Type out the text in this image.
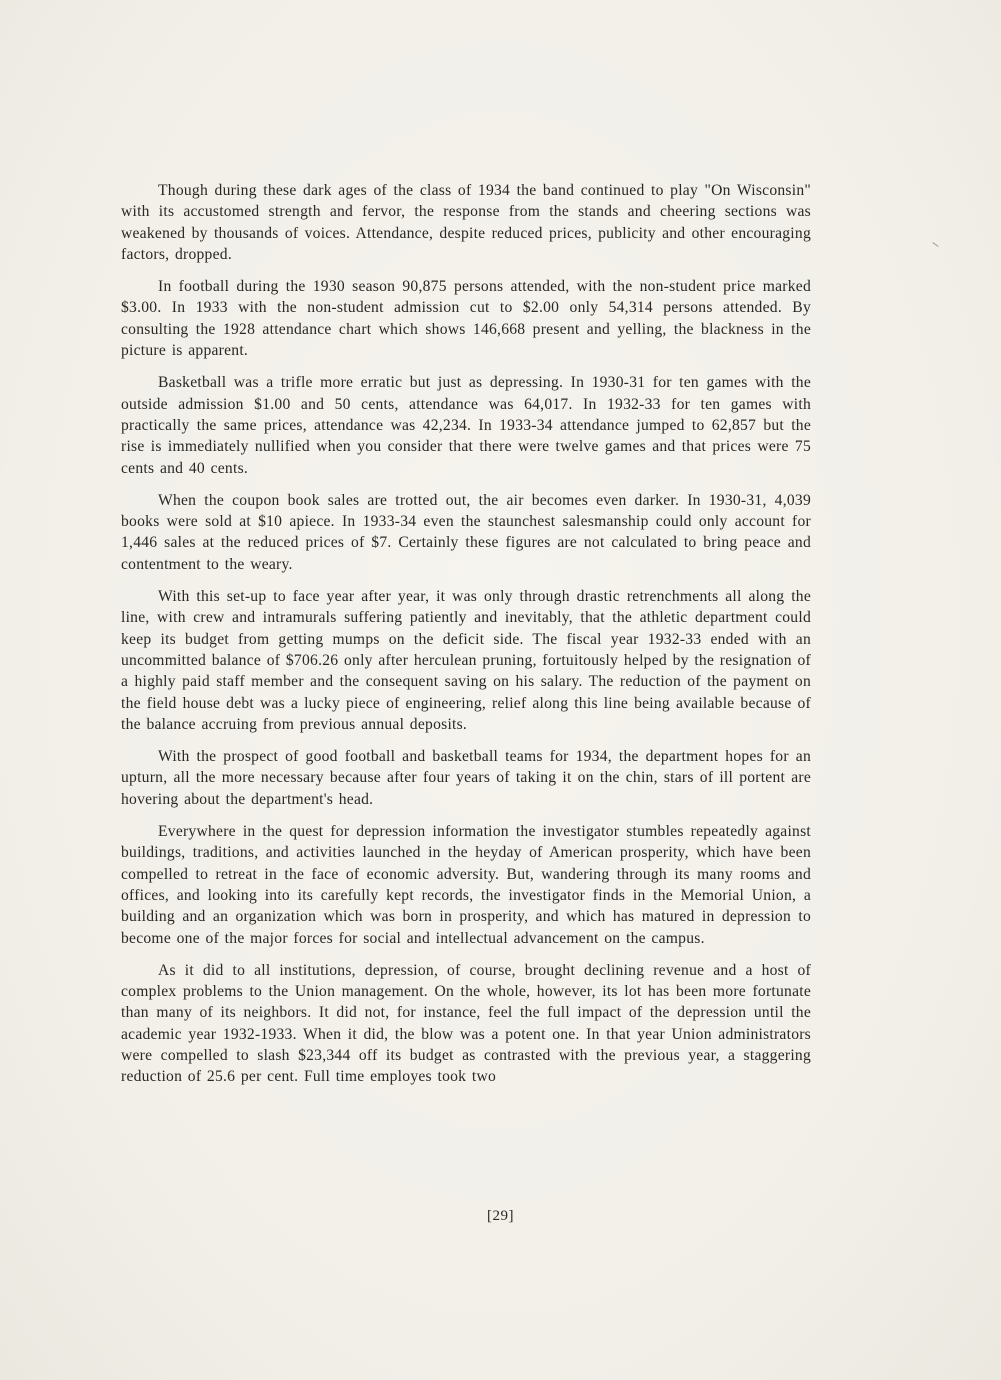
Though during these dark ages of the class of 1934 the band continued to play "On Wisconsin" with its accustomed strength and fervor, the response from the stands and cheering sections was weakened by thousands of voices. Attendance, despite reduced prices, publicity and other encouraging factors, dropped.

In football during the 1930 season 90,875 persons attended, with the non-student price marked $3.00. In 1933 with the non-student admission cut to $2.00 only 54,314 persons attended. By consulting the 1928 attendance chart which shows 146,668 present and yelling, the blackness in the picture is apparent.

Basketball was a trifle more erratic but just as depressing. In 1930-31 for ten games with the outside admission $1.00 and 50 cents, attendance was 64,017. In 1932-33 for ten games with practically the same prices, attendance was 42,234. In 1933-34 attendance jumped to 62,857 but the rise is immediately nullified when you consider that there were twelve games and that prices were 75 cents and 40 cents.

When the coupon book sales are trotted out, the air becomes even darker. In 1930-31, 4,039 books were sold at $10 apiece. In 1933-34 even the staunchest salesmanship could only account for 1,446 sales at the reduced prices of $7. Certainly these figures are not calculated to bring peace and contentment to the weary.

With this set-up to face year after year, it was only through drastic retrenchments all along the line, with crew and intramurals suffering patiently and inevitably, that the athletic department could keep its budget from getting mumps on the deficit side. The fiscal year 1932-33 ended with an uncommitted balance of $706.26 only after herculean pruning, fortuitously helped by the resignation of a highly paid staff member and the consequent saving on his salary. The reduction of the payment on the field house debt was a lucky piece of engineering, relief along this line being available because of the balance accruing from previous annual deposits.

With the prospect of good football and basketball teams for 1934, the department hopes for an upturn, all the more necessary because after four years of taking it on the chin, stars of ill portent are hovering about the department's head.

Everywhere in the quest for depression information the investigator stumbles repeatedly against buildings, traditions, and activities launched in the heyday of American prosperity, which have been compelled to retreat in the face of economic adversity. But, wandering through its many rooms and offices, and looking into its carefully kept records, the investigator finds in the Memorial Union, a building and an organization which was born in prosperity, and which has matured in depression to become one of the major forces for social and intellectual advancement on the campus.

As it did to all institutions, depression, of course, brought declining revenue and a host of complex problems to the Union management. On the whole, however, its lot has been more fortunate than many of its neighbors. It did not, for instance, feel the full impact of the depression until the academic year 1932-1933. When it did, the blow was a potent one. In that year Union administrators were compelled to slash $23,344 off its budget as contrasted with the previous year, a staggering reduction of 25.6 per cent. Full time employes took two

[29]
